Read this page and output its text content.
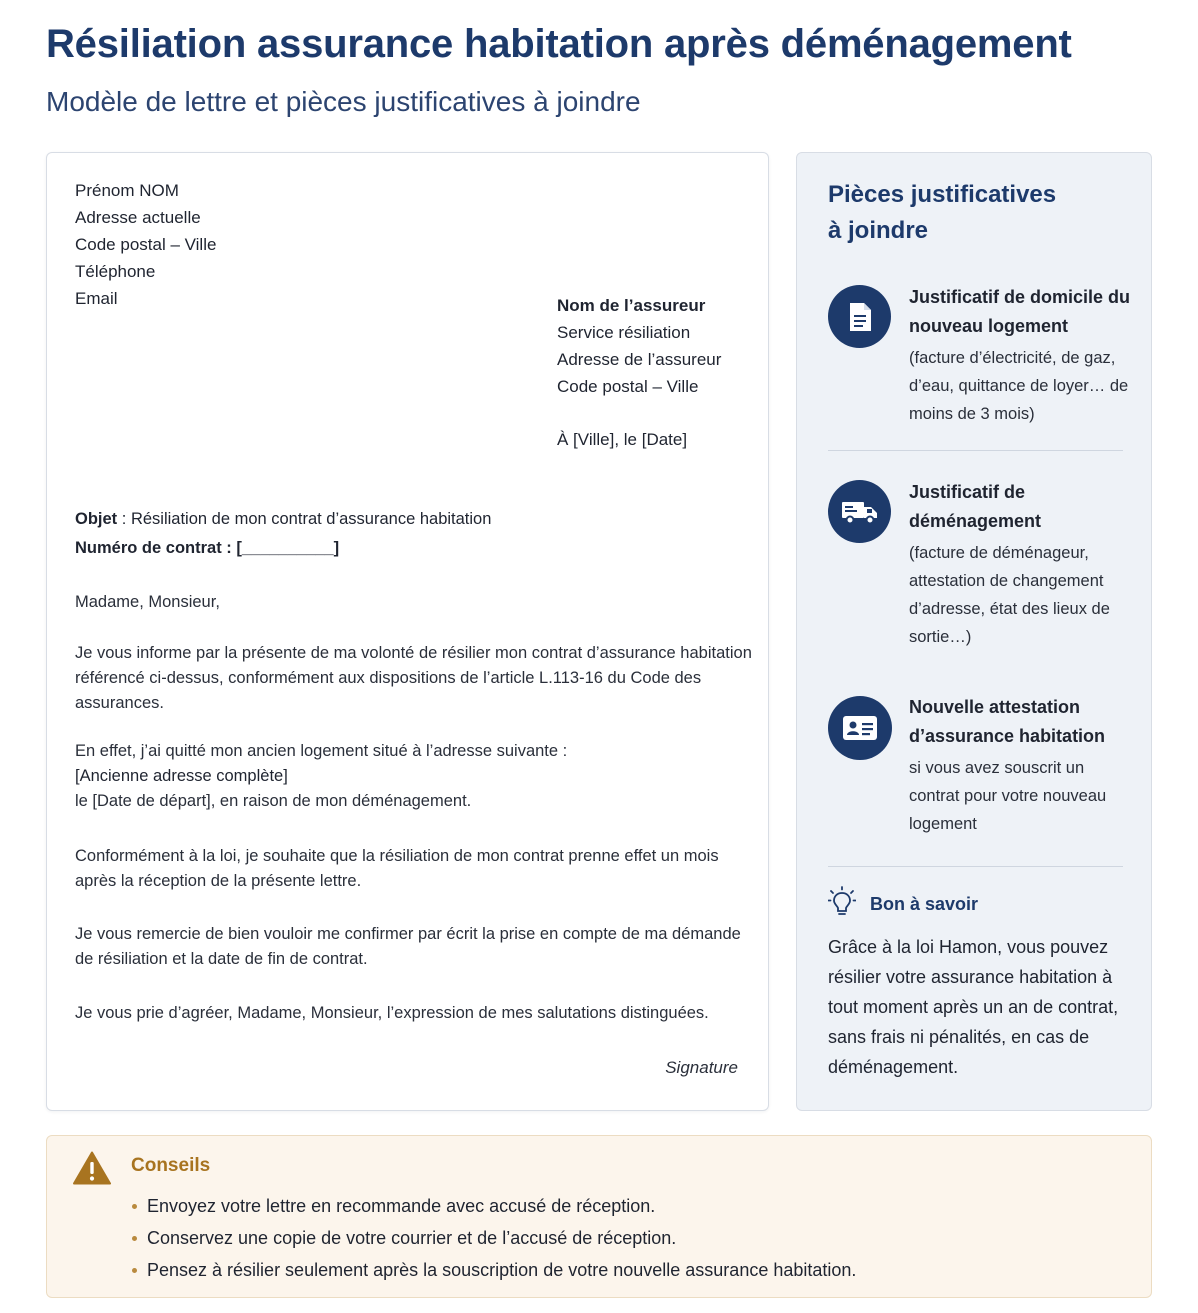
Résiliation assurance habitation après déménagement
Modèle de lettre et pièces justificatives à joindre
Prénom NOM
Adresse actuelle
Code postal – Ville
Téléphone
Email	Nom de l’assureur
Service résiliation
Adresse de l’assureur
Code postal – Ville
À [Ville], le [Date]
Objet : Résiliation de mon contrat d’assurance habitation
Numéro de contrat : [__________]
Madame, Monsieur,
Je vous informe par la présente de ma volonté de résilier mon contrat d’assurance habitation référencé ci-dessus, conformément aux dispositions de l’article L.113-16 du Code des assurances.
En effet, j’ai quitté mon ancien logement situé à l’adresse suivante :
[Ancienne adresse complète]
le [Date de départ], en raison de mon déménagement.
Conformément à la loi, je souhaite que la résiliation de mon contrat prenne effet un mois après la réception de la présente lettre.
Je vous remercie de bien vouloir me confirmer par écrit la prise en compte de ma démande de résiliation et la date de fin de contrat.
Je vous prie d’agréer, Madame, Monsieur, l’expression de mes salutations distinguées.
Signature
Pièces justificatives
à joindre
Justificatif de domicile du nouveau logement
(facture d’électricité, de gaz, d’eau, quittance de loyer… de moins de 3 mois)
Justificatif de déménagement
(facture de déménageur, attestation de changement d’adresse, état des lieux de sortie…)
Nouvelle attestation d’assurance habitation
si vous avez souscrit un contrat pour votre nouveau logement
Bon à savoir
Grâce à la loi Hamon, vous pouvez résilier votre assurance habitation à tout moment après un an de contrat, sans frais ni pénalités, en cas de déménagement.
Conseils
Envoyez votre lettre en recommande avec accusé de réception.
Conservez une copie de votre courrier et de l’accusé de réception.
Pensez à résilier seulement après la souscription de votre nouvelle assurance habitation.
